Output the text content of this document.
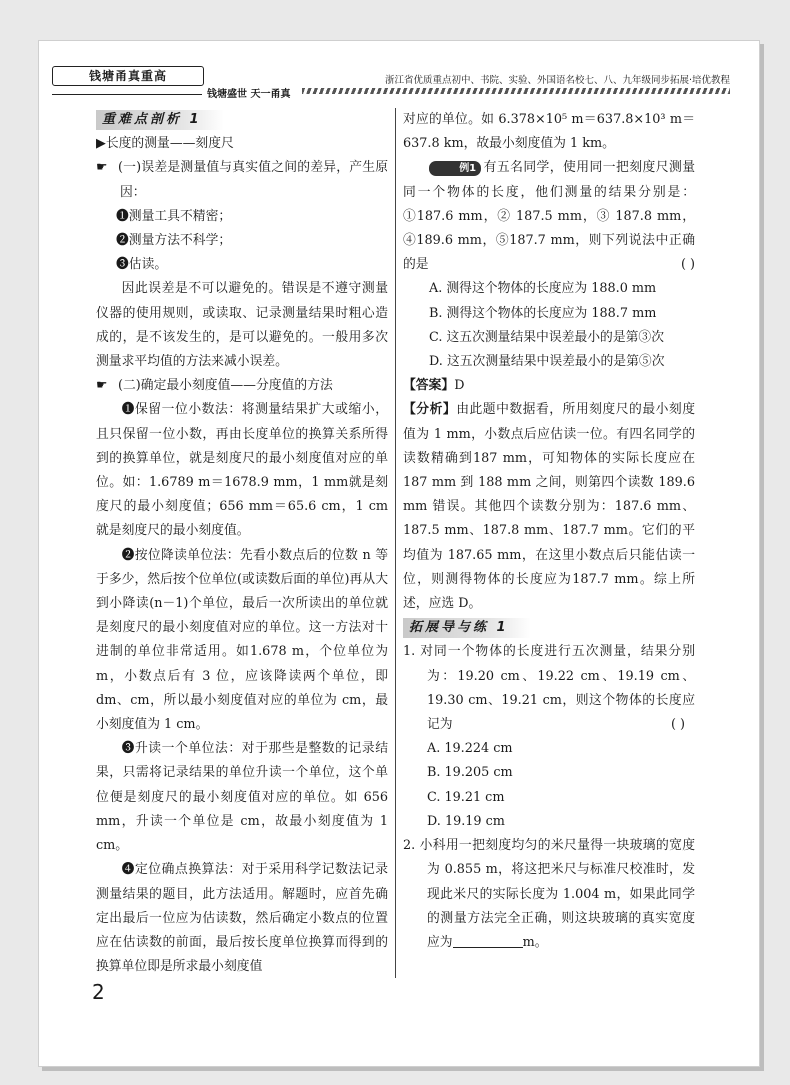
钱塘甬真重高
钱塘盛世 天一甬真
浙江省优质重点初中、书院、实验、外国语名校七、八、九年级同步拓展·培优教程
重难点剖析 1

▶长度的测量——刻度尺

☛ (一)误差是测量值与真实值之间的差异，产生原因：

❶测量工具不精密；

❷测量方法不科学；

❸估读。

因此误差是不可以避免的。错误是不遵守测量仪器的使用规则，或读取、记录测量结果时粗心造成的，是不该发生的，是可以避免的。一般用多次测量求平均值的方法来减小误差。

☛ (二)确定最小刻度值——分度值的方法

❶保留一位小数法：将测量结果扩大或缩小，且只保留一位小数，再由长度单位的换算关系所得到的换算单位，就是刻度尺的最小刻度值对应的单位。如：1.6789 m＝1678.9 mm，1 mm就是刻度尺的最小刻度值；656 mm＝65.6 cm，1 cm 就是刻度尺的最小刻度值。

❷按位降读单位法：先看小数点后的位数 n 等于多少，然后按个位单位(或读数后面的单位)再从大到小降读(n－1)个单位，最后一次所读出的单位就是刻度尺的最小刻度值对应的单位。这一方法对十进制的单位非常适用。如1.678 m，个位单位为 m，小数点后有 3 位，应该降读两个单位，即 dm、cm，所以最小刻度值对应的单位为 cm，最小刻度值为 1 cm。

❸升读一个单位法：对于那些是整数的记录结果，只需将记录结果的单位升读一个单位，这个单位便是刻度尺的最小刻度值对应的单位。如 656 mm，升读一个单位是 cm，故最小刻度值为 1 cm。

❹定位确点换算法：对于采用科学记数法记录测量结果的题目，此方法适用。解题时，应首先确定出最后一位应为估读数，然后确定小数点的位置应在估读数的前面，最后按长度单位换算而得到的换算单位即是所求最小刻度值

对应的单位。如 6.378×10⁵ m＝637.8×10³ m＝637.8 km，故最小刻度值为 1 km。

例1 有五名同学，使用同一把刻度尺测量同一个物体的长度，他们测量的结果分别是：①187.6 mm，② 187.5 mm，③ 187.8 mm，④189.6 mm，⑤187.7 mm，则下列说法中正确的是	( )

A. 测得这个物体的长度应为 188.0 mm

B. 测得这个物体的长度应为 188.7 mm

C. 这五次测量结果中误差最小的是第③次

D. 这五次测量结果中误差最小的是第⑤次

【答案】D

【分析】由此题中数据看，所用刻度尺的最小刻度值为 1 mm，小数点后应估读一位。有四名同学的读数精确到187 mm，可知物体的实际长度应在 187 mm 到 188 mm 之间，则第四个读数 189.6 mm 错误。其他四个读数分别为：187.6 mm、187.5 mm、187.8 mm、187.7 mm。它们的平均值为 187.65 mm，在这里小数点后只能估读一位，则测得物体的长度应为187.7 mm。综上所述，应选 D。

拓展导与练 1

1. 对同一个物体的长度进行五次测量，结果分别为：19.20 cm、19.22 cm、19.19 cm、19.30 cm、19.21 cm，则这个物体的长度应记为	( )

A. 19.224 cm

B. 19.205 cm

C. 19.21 cm

D. 19.19 cm

2. 小科用一把刻度均匀的米尺量得一块玻璃的宽度为 0.855 m，将这把米尺与标准尺校准时，发现此米尺的实际长度为 1.004 m，如果此同学的测量方法完全正确，则这块玻璃的真实宽度应为	m。

2
